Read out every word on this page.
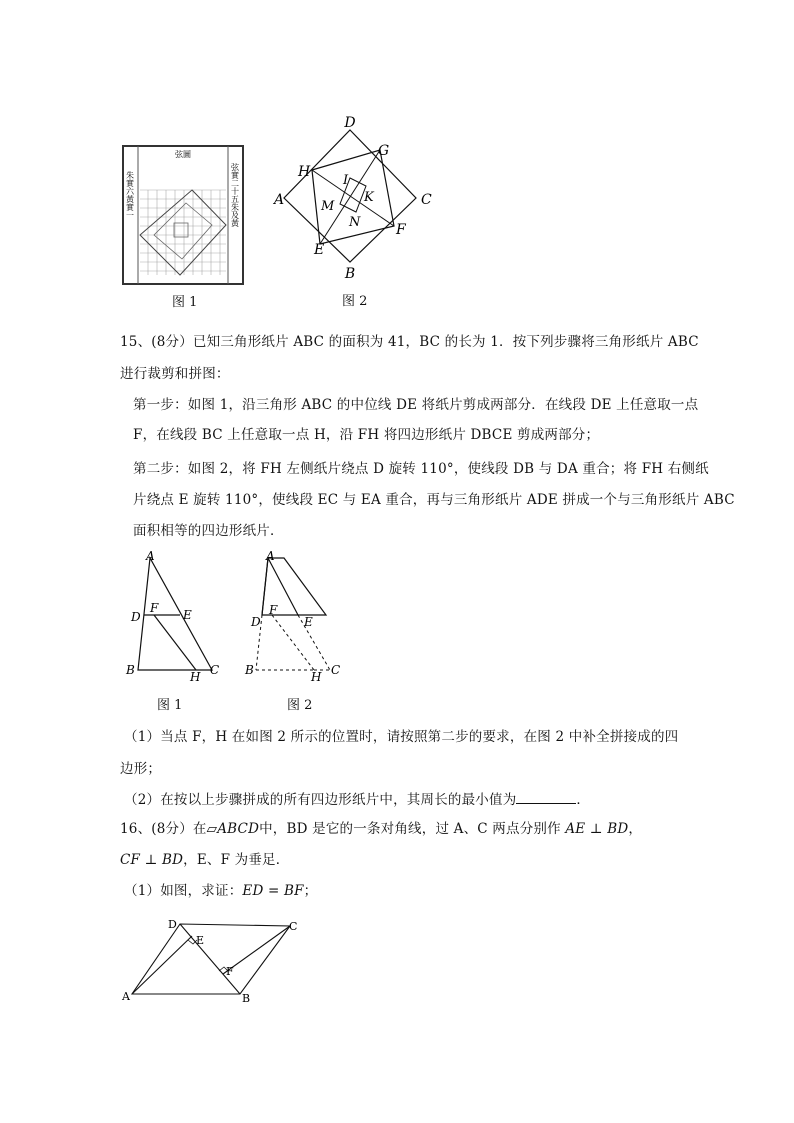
弦圖
朱實六黃實一	弦實二十五朱及黃
图 1
D
A	C
B
H
G
I
K
M
N
E
F
图 2
15、(8分）已知三角形纸片 ABC 的面积为 41，BC 的长为 1．按下列步骤将三角形纸片 ABC
进行裁剪和拼图：
第一步：如图 1，沿三角形 ABC 的中位线 DE 将纸片剪成两部分．在线段 DE 上任意取一点
F，在线段 BC 上任意取一点 H，沿 FH 将四边形纸片 DBCE 剪成两部分；
第二步：如图 2，将 FH 左侧纸片绕点 D 旋转 110°，使线段 DB 与 DA 重合；将 FH 右侧纸
片绕点 E 旋转 110°，使线段 EC 与 EA 重合，再与三角形纸片 ADE 拼成一个与三角形纸片 ABC
面积相等的四边形纸片．
A
D
F E
B	H C
图 1
A
F
D	E
B	H C
图 2
（1）当点 F，H 在如图 2 所示的位置时，请按照第二步的要求，在图 2 中补全拼接成的四
边形；
（2）在按以上步骤拼成的所有四边形纸片中，其周长的最小值为	．
16、(8分）在▱ABCD中，BD 是它的一条对角线，过 A、C 两点分别作 AE ⊥ BD，
CF ⊥ BD，E、F 为垂足．
（1）如图，求证：ED = BF；
D
E
C
F
A	B
